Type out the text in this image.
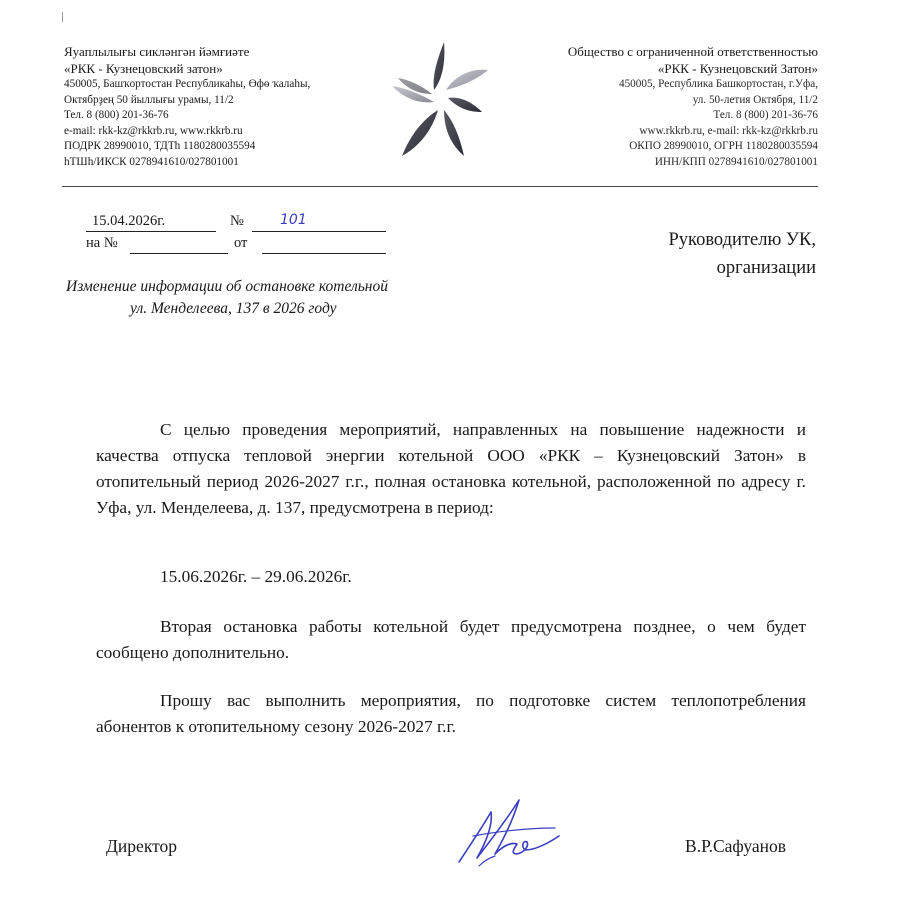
Яуаплылығы сикләнгән йәмғиәте
«РКК - Кузнецовский затон»
450005, Башҡортостан Республикаһы, Өфө ҡалаһы,
Октябрҙең 50 йыллығы урамы, 11/2
Тел. 8 (800) 201-36-76
e-mail: rkk-kz@rkkrb.ru, www.rkkrb.ru
ПОДРК 28990010, ТДТһ 1180280035594
һТШһ/ИКСК 0278941610/027801001
Общество с ограниченной ответственностью
«РКК - Кузнецовский Затон»
450005, Республика Башкортостан, г.Уфа,
ул. 50-летия Октября, 11/2
Тел. 8 (800) 201-36-76
www.rkkrb.ru, e-mail: rkk-kz@rkkrb.ru
ОКПО 28990010, ОГРН 1180280035594
ИНН/КПП 0278941610/027801001
15.04.2026г.	№	101
на №	от
Изменение информации об остановке котельной
ул. Менделеева, 137 в 2026 году
Руководителю УК,
организации

С целью проведения мероприятий, направленных на повышение надежности и качества отпуска тепловой энергии котельной ООО «РКК – Кузнецовский Затон» в отопительный период 2026-2027 г.г., полная остановка котельной, расположенной по адресу г. Уфа, ул. Менделеева, д. 137, предусмотрена в период:

15.06.2026г. – 29.06.2026г.

Вторая остановка работы котельной будет предусмотрена позднее, о чем будет сообщено дополнительно.

Прошу вас выполнить мероприятия, по подготовке систем теплопотребления абонентов к отопительному сезону 2026-2027 г.г.

Директор	В.Р.Сафуанов
